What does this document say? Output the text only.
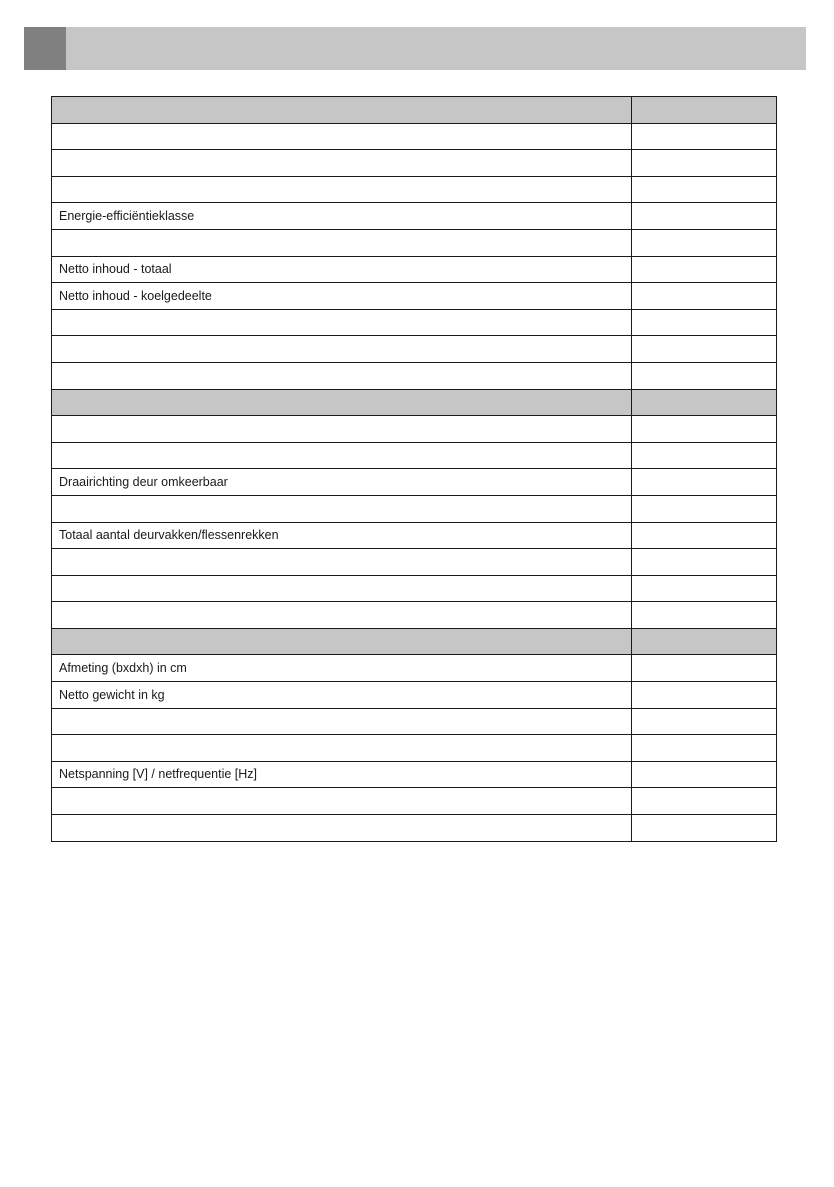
Energie-efficiëntieklasse	

Netto inhoud - totaal	
Netto inhoud - koelgedeelte	

Draairichting deur omkeerbaar	

Totaal aantal deurvakken/flessenrekken	

Afmeting (bxdxh) in cm	
Netto gewicht in kg	

Netspanning [V] / netfrequentie [Hz]	
